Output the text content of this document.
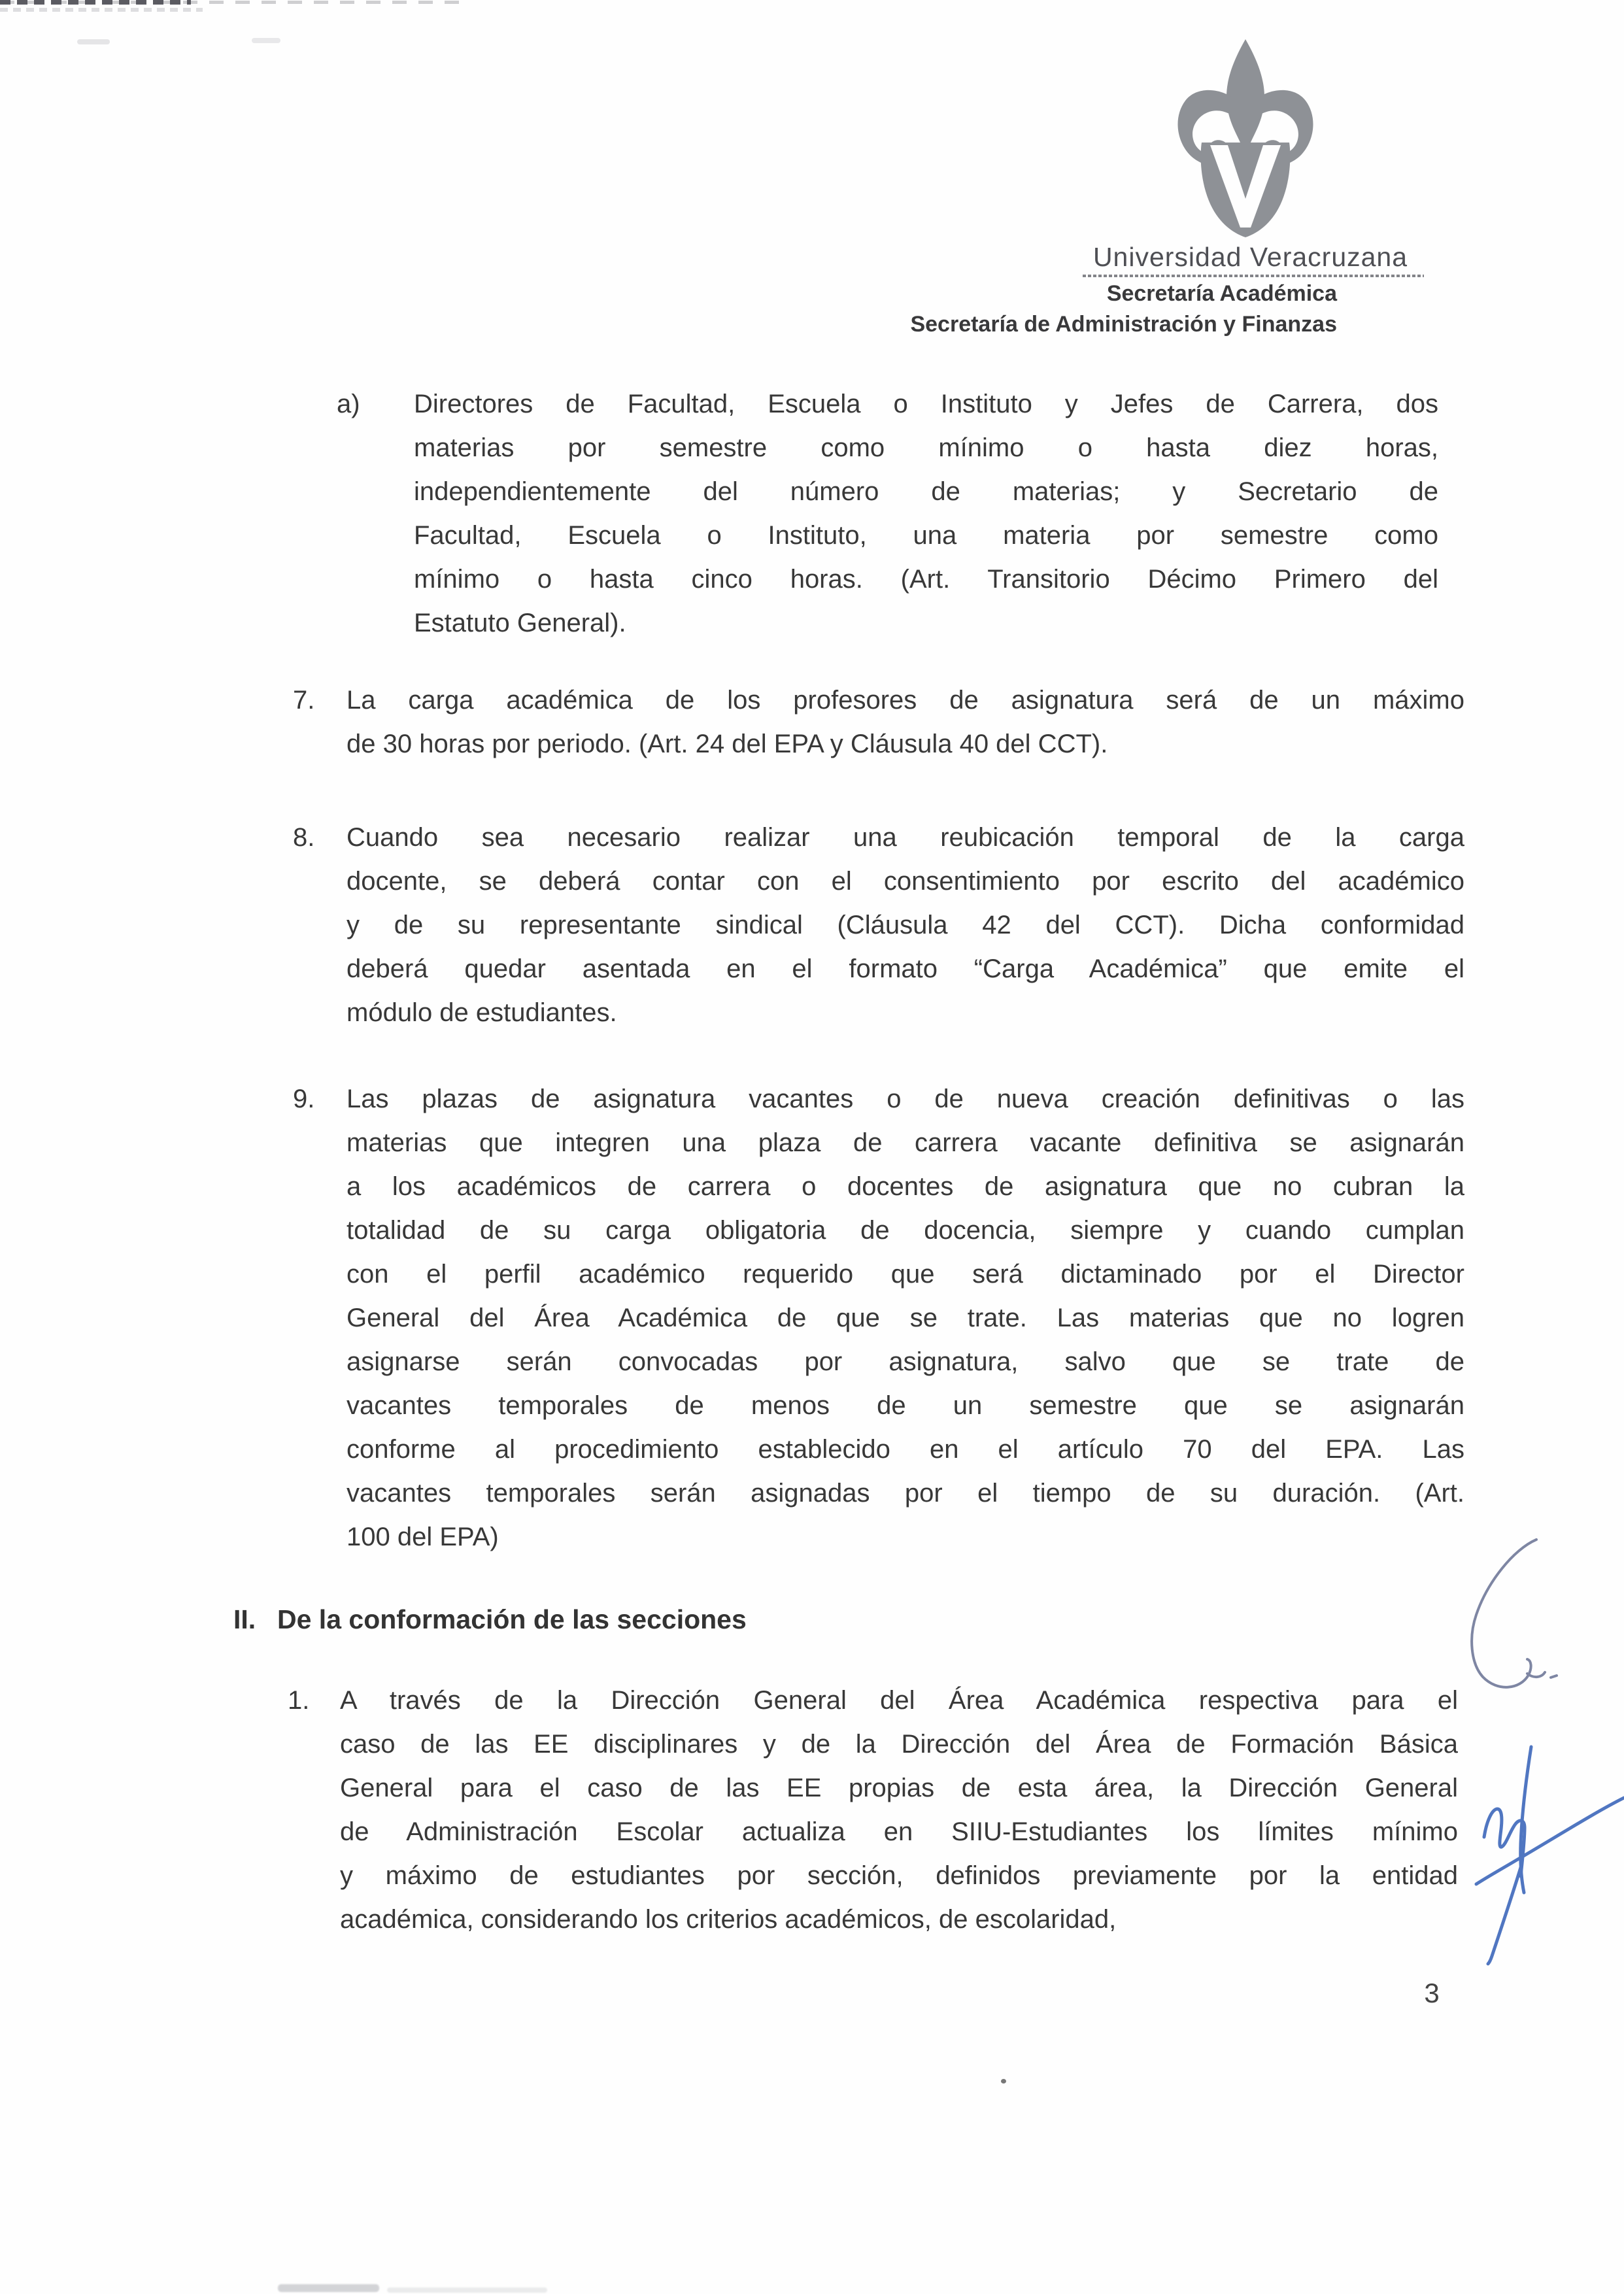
Universidad Veracruzana
Secretaría Académica
Secretaría de Administración y Finanzas
a)	Directores de Facultad, Escuela o Instituto y Jefes de Carrera, dos
materias por semestre como mínimo o hasta diez horas,
independientemente del número de materias; y Secretario de
Facultad, Escuela o Instituto, una materia por semestre como
mínimo o hasta cinco horas. (Art. Transitorio Décimo Primero del
Estatuto General).
7.	La carga académica de los profesores de asignatura será de un máximo
de 30 horas por periodo. (Art. 24 del EPA y Cláusula 40 del CCT).
8.	Cuando sea necesario realizar una reubicación temporal de la carga
docente, se deberá contar con el consentimiento por escrito del académico
y de su representante sindical (Cláusula 42 del CCT). Dicha conformidad
deberá quedar asentada en el formato “Carga Académica” que emite el
módulo de estudiantes.
9.	Las plazas de asignatura vacantes o de nueva creación definitivas o las
materias que integren una plaza de carrera vacante definitiva se asignarán
a los académicos de carrera o docentes de asignatura que no cubran la
totalidad de su carga obligatoria de docencia, siempre y cuando cumplan
con el perfil académico requerido que será dictaminado por el Director
General del Área Académica de que se trate. Las materias que no logren
asignarse serán convocadas por asignatura, salvo que se trate de
vacantes temporales de menos de un semestre que se asignarán
conforme al procedimiento establecido en el artículo 70 del EPA. Las
vacantes temporales serán asignadas por el tiempo de su duración. (Art.
100 del EPA)
II. De la conformación de las secciones
1.	A través de la Dirección General del Área Académica respectiva para el
caso de las EE disciplinares y de la Dirección del Área de Formación Básica
General para el caso de las EE propias de esta área, la Dirección General
de Administración Escolar actualiza en SIIU-Estudiantes los límites mínimo
y máximo de estudiantes por sección, definidos previamente por la entidad
académica, considerando los criterios académicos, de escolaridad,
3
